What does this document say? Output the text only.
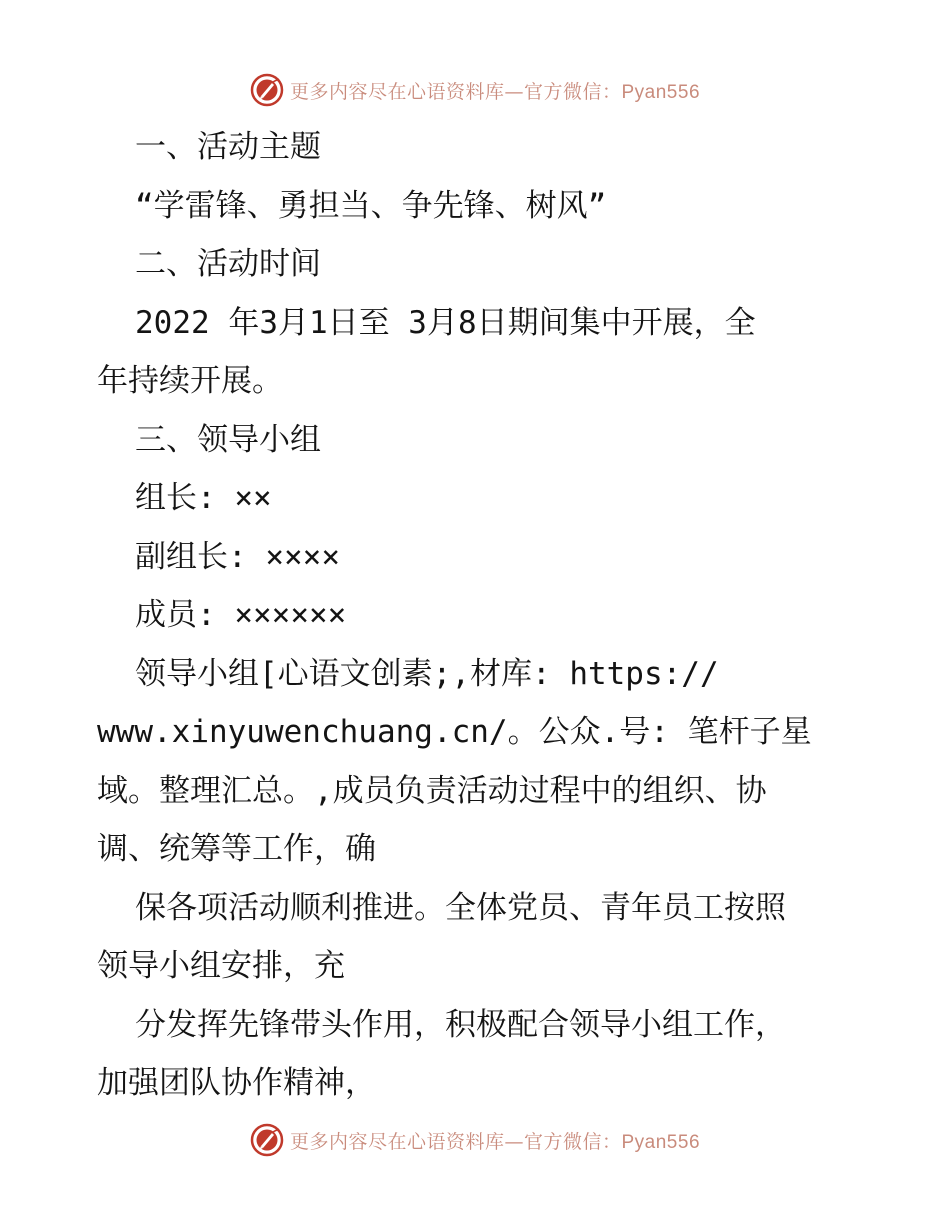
更多内容尽在心语资料库—官方微信：Pyan556
一、活动主题
“学雷锋、勇担当、争先锋、树风”
二、活动时间
2022 年3月1日至 3月8日期间集中开展，全
年持续开展。
三、领导小组
组长: ××
副组长: ××××
成员: ××××××
领导小组[心语文创素;,材库: https://
www.xinyuwenchuang.cn/。公众.号: 笔杆子星
域。整理汇总。,成员负责活动过程中的组织、协
调、统筹等工作，确
保各项活动顺利推进。全体党员、青年员工按照
领导小组安排，充
分发挥先锋带头作用，积极配合领导小组工作，
加强团队协作精神，
更多内容尽在心语资料库—官方微信：Pyan556
